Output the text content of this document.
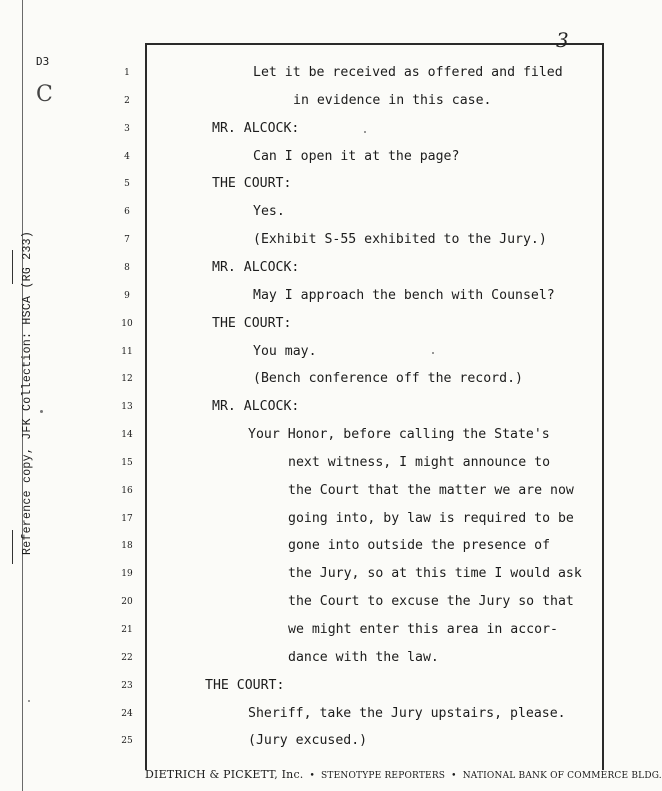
3
D3
C
Reference copy, JFK Collection: HSCA (RG 233)
1	Let it be received as offered and filed
2	in evidence in this case.
3	MR. ALCOCK:
4	Can I open it at the page?
5	THE COURT:
6	Yes.
7	(Exhibit S-55 exhibited to the Jury.)
8	MR. ALCOCK:
9	May I approach the bench with Counsel?
10	THE COURT:
11	You may.
12	(Bench conference off the record.)
13	MR. ALCOCK:
14	Your Honor, before calling the State's
15	next witness, I might announce to
16	the Court that the matter we are now
17	going into, by law is required to be
18	gone into outside the presence of
19	the Jury, so at this time I would ask
20	the Court to excuse the Jury so that
21	we might enter this area in accor-
22	dance with the law.
23	THE COURT:
24	Sheriff, take the Jury upstairs, please.
25	(Jury excused.)
DIETRICH & PICKETT, Inc. • STENOTYPE REPORTERS • NATIONAL BANK OF COMMERCE BLDG.
